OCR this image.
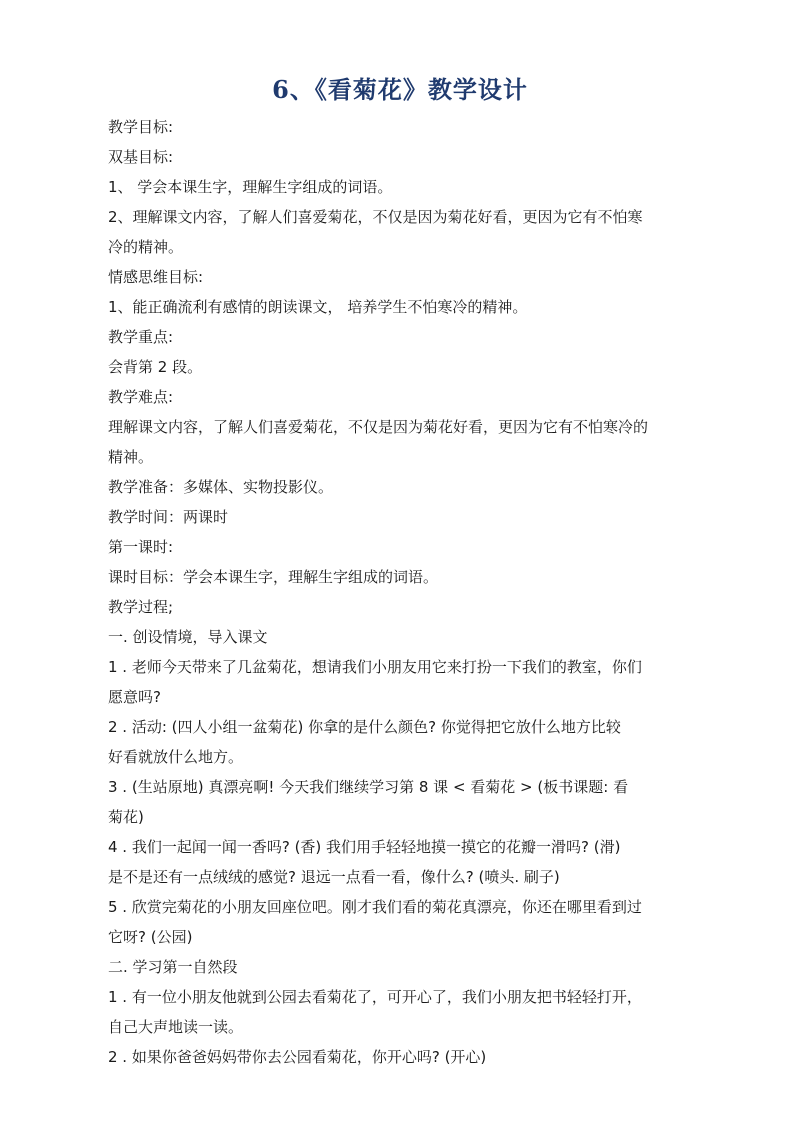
6、《看菊花》教学设计

教学目标:

双基目标:

1、 学会本课生字，理解生字组成的词语。

2、理解课文内容，了解人们喜爱菊花，不仅是因为菊花好看，更因为它有不怕寒

冷的精神。

情感思维目标:

1、能正确流利有感情的朗读课文， 培养学生不怕寒冷的精神。

教学重点:

会背第 2 段。

教学难点:

理解课文内容，了解人们喜爱菊花，不仅是因为菊花好看，更因为它有不怕寒冷的

精神。

教学准备：多媒体、实物投影仪。

教学时间：两课时

第一课时:

课时目标：学会本课生字，理解生字组成的词语。

教学过程;

一. 创设情境，导入课文

1 . 老师今天带来了几盆菊花，想请我们小朋友用它来打扮一下我们的教室，你们

愿意吗?

2 . 活动: (四人小组一盆菊花) 你拿的是什么颜色? 你觉得把它放什么地方比较

好看就放什么地方。

3 . (生站原地) 真漂亮啊! 今天我们继续学习第 8 课 < 看菊花 > (板书课题: 看

菊花)

4 . 我们一起闻一闻一香吗? (香) 我们用手轻轻地摸一摸它的花瓣一滑吗? (滑)

是不是还有一点绒绒的感觉? 退远一点看一看，像什么? (喷头. 刷子)

5 . 欣赏完菊花的小朋友回座位吧。刚才我们看的菊花真漂亮，你还在哪里看到过

它呀? (公园)

二. 学习第一自然段

1 . 有一位小朋友他就到公园去看菊花了，可开心了，我们小朋友把书轻轻打开，

自己大声地读一读。

2 . 如果你爸爸妈妈带你去公园看菊花，你开心吗? (开心)
